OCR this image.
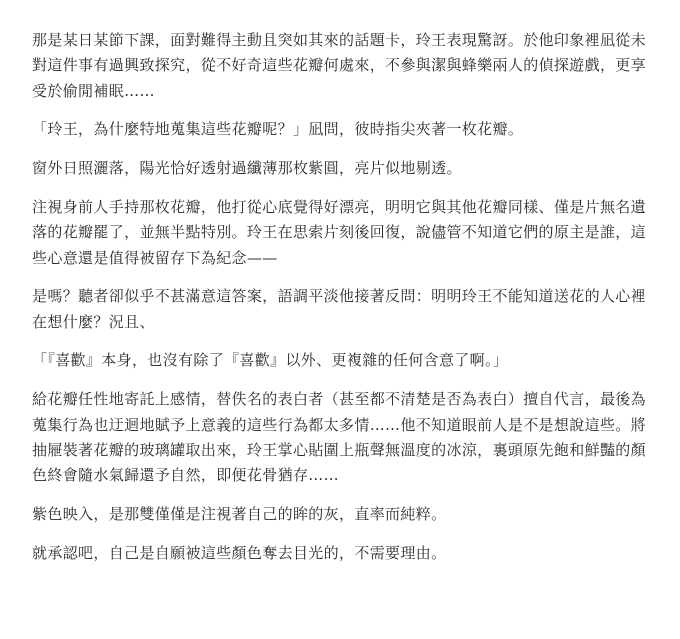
那是某日某節下課，面對難得主動且突如其來的話題卡，玲王表現驚訝。於他印象裡凪從未對這件事有過興致探究，從不好奇這些花瓣何處來，不參與潔與蜂樂兩人的偵探遊戲，更享受於偷閒補眠……

「玲王，為什麼特地蒐集這些花瓣呢？」凪問，彼時指尖夾著一枚花瓣。

窗外日照灑落，陽光恰好透射過纖薄那枚紫圓，亮片似地剔透。

注視身前人手持那枚花瓣，他打從心底覺得好漂亮，明明它與其他花瓣同樣、僅是片無名遺落的花瓣罷了，並無半點特別。玲王在思索片刻後回復，說儘管不知道它們的原主是誰，這些心意還是值得被留存下為紀念——

是嗎？聽者卻似乎不甚滿意這答案，語調平淡他接著反問：明明玲王不能知道送花的人心裡在想什麼？況且、

「『喜歡』本身，也沒有除了『喜歡』以外、更複雜的任何含意了啊。」

給花瓣任性地寄託上感情，替佚名的表白者（甚至都不清楚是否為表白）擅自代言，最後為蒐集行為也迂迴地賦予上意義的這些行為都太多情……他不知道眼前人是不是想說這些。將抽屜裝著花瓣的玻璃罐取出來，玲王掌心貼圍上瓶聲無溫度的冰涼，裏頭原先飽和鮮豔的顏色終會隨水氣歸還予自然，即便花骨猶存……

紫色映入，是那雙僅僅是注視著自己的眸的灰，直率而純粹。

就承認吧，自己是自願被這些顏色奪去目光的，不需要理由。
